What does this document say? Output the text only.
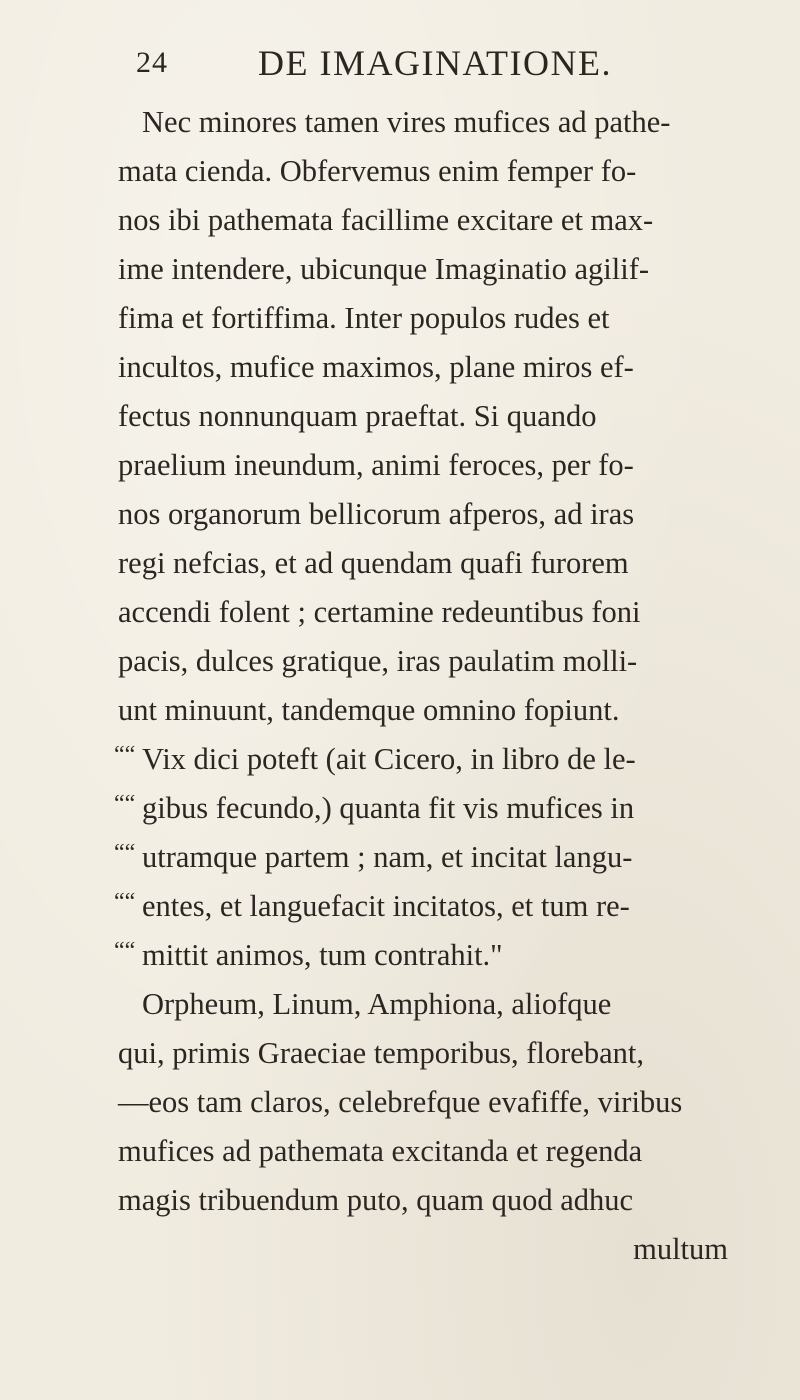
24	DE IMAGINATIONE.
Nec minores tamen vires mufices ad pathe-
mata cienda. Obfervemus enim femper fo-
nos ibi pathemata facillime excitare et max-
ime intendere, ubicunque Imaginatio agilif-
fima et fortiffima. Inter populos rudes et
incultos, mufice maximos, plane miros ef-
fectus nonnunquam praeftat. Si quando
praelium ineundum, animi feroces, per fo-
nos organorum bellicorum afperos, ad iras
regi nefcias, et ad quendam quafi furorem
accendi folent ; certamine redeuntibus foni
pacis, dulces gratique, iras paulatim molli-
unt minuunt, tandemque omnino fopiunt.
““ Vix dici poteft (ait Cicero, in libro de le-
““ gibus fecundo,) quanta fit vis mufices in
““ utramque partem ; nam, et incitat langu-
““ entes, et languefacit incitatos, et tum re-
““ mittit animos, tum contrahit."
Orpheum, Linum, Amphiona, aliofque
qui, primis Graeciae temporibus, florebant,
—eos tam claros, celebrefque evafiffe, viribus
mufices ad pathemata excitanda et regenda
magis tribuendum puto, quam quod adhuc
multum
